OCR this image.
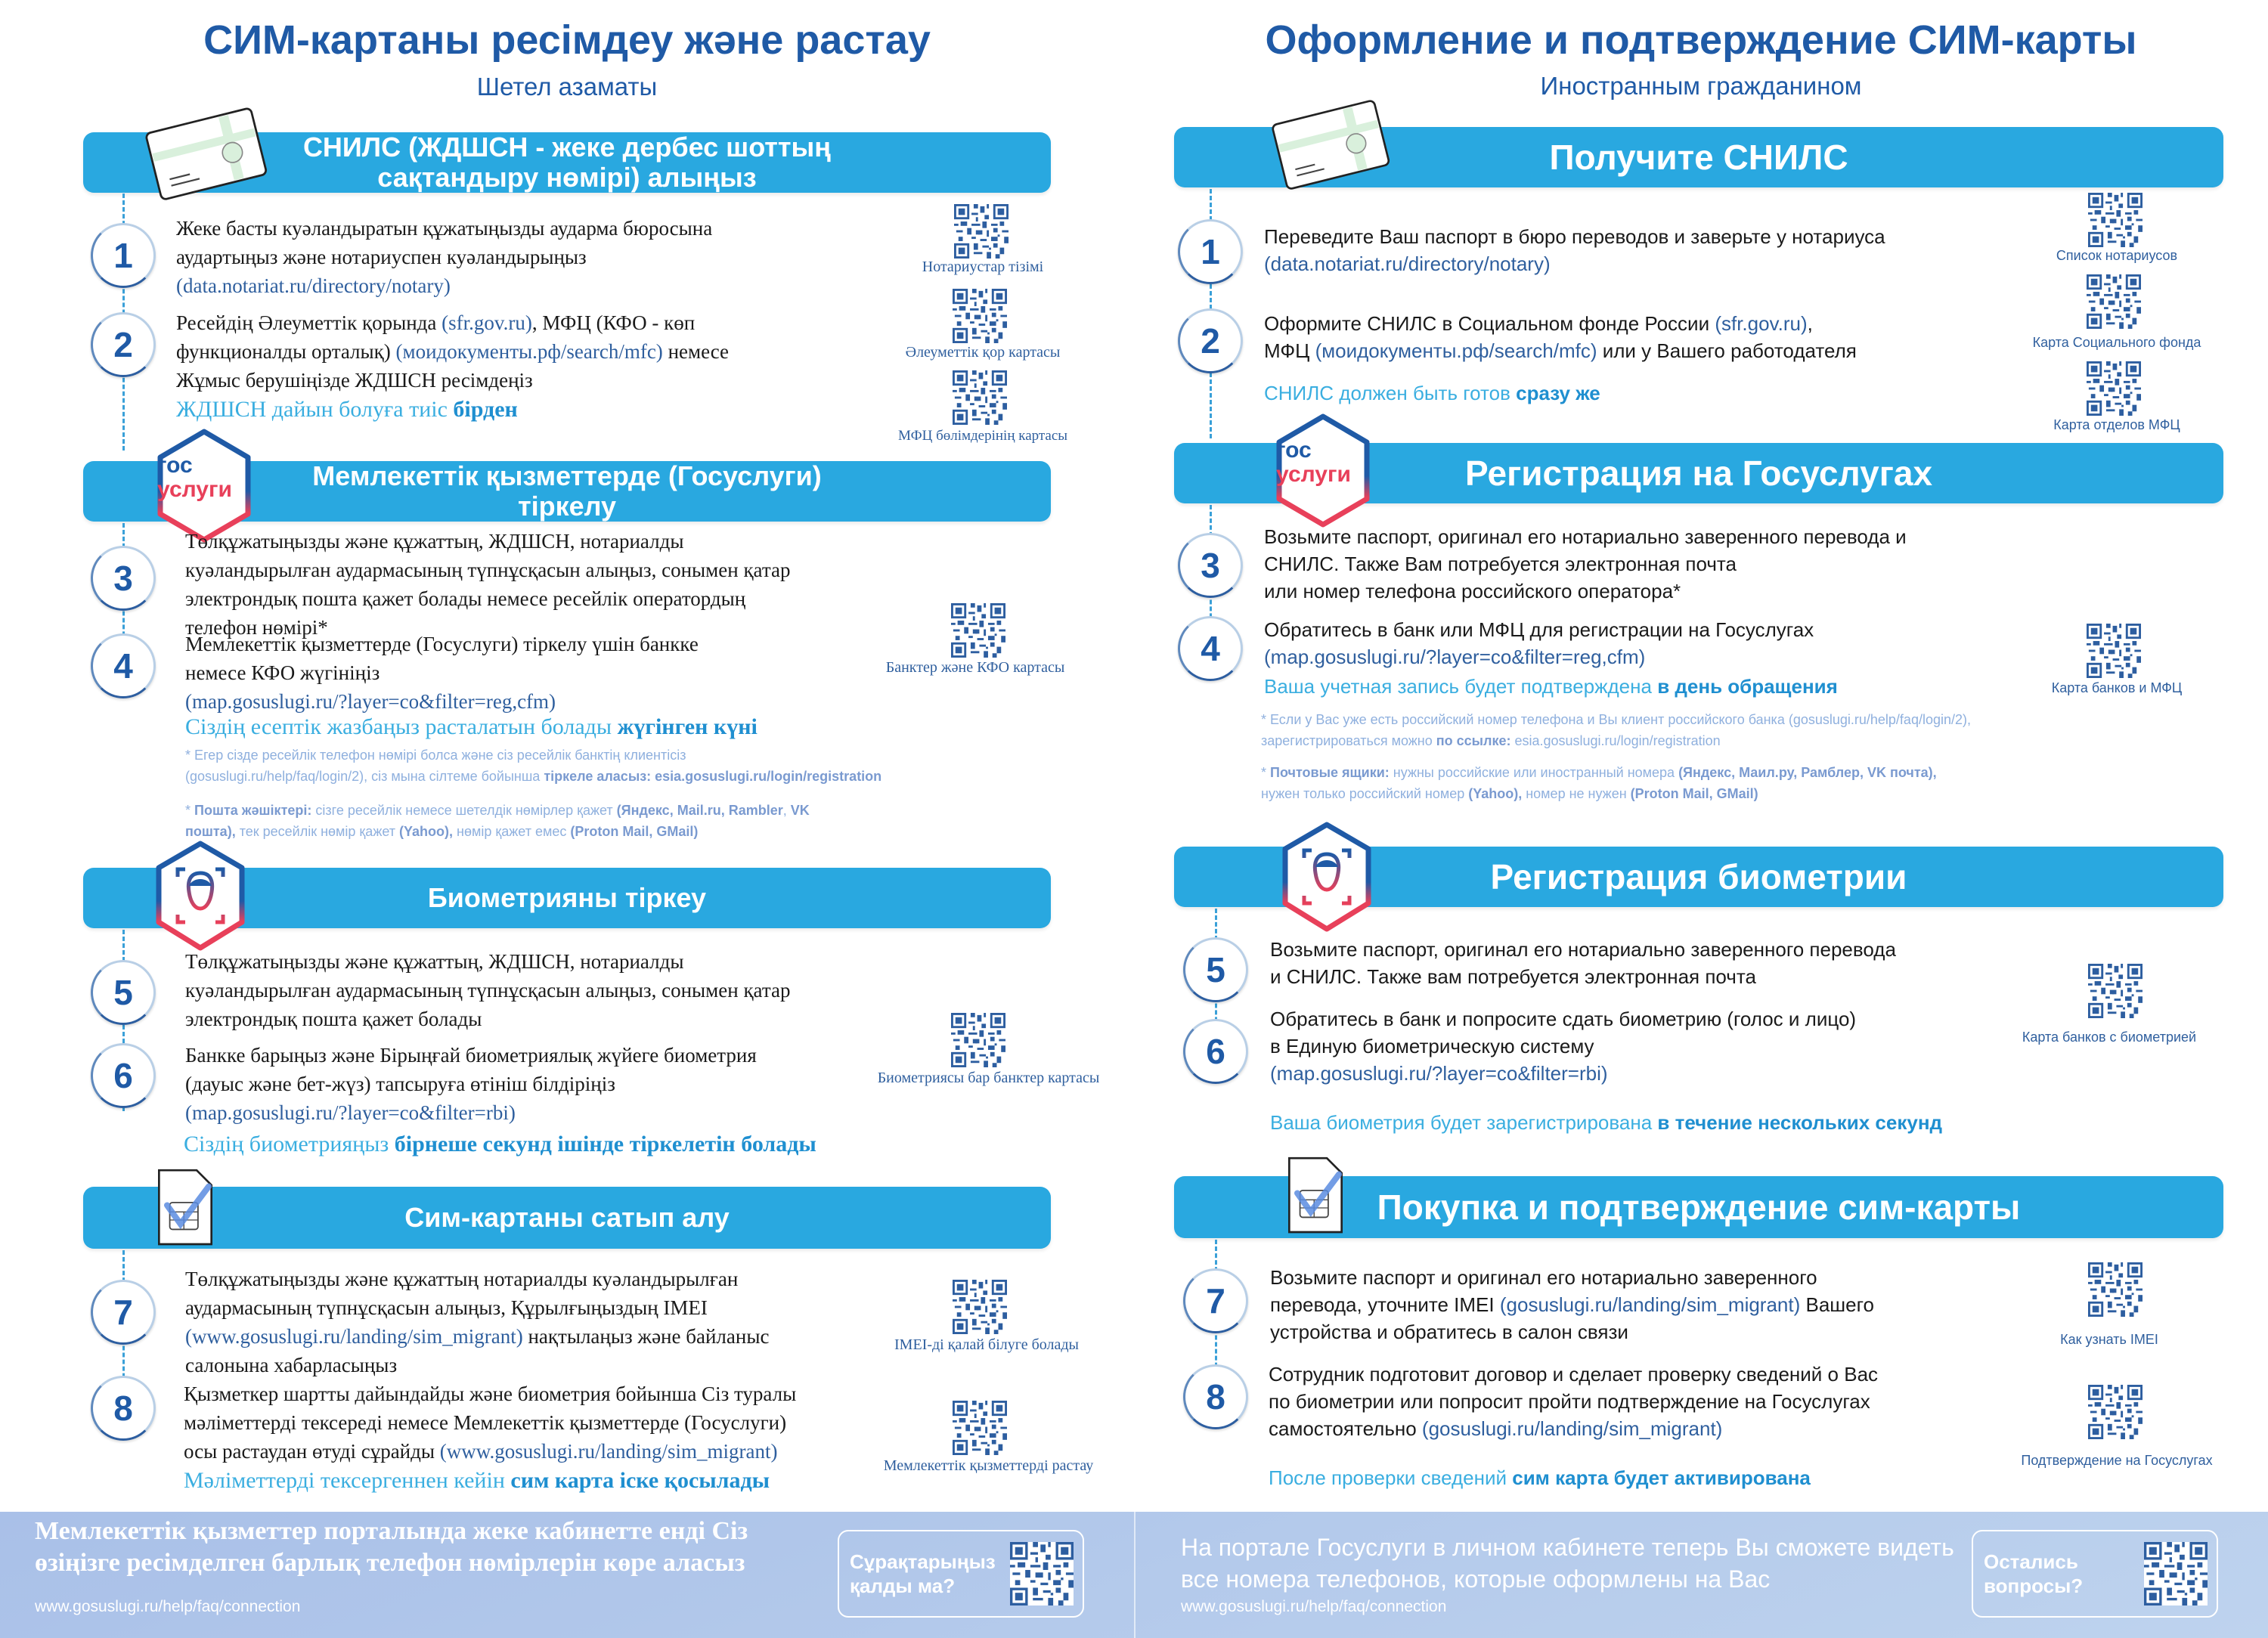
СИМ-картаны ресімдеу және растау
Шетел азаматы
СНИЛС (ЖДШСН - жеке дербес шоттың
сақтандыру нөмірі) алыңыз
1
Жеке басты куәландыратын құжатыңызды аударма бюросына
аудартыңыз және нотариуспен куәландырыңыз
(data.notariat.ru/directory/notary)
2
Ресейдің Әлеуметтік қорында (sfr.gov.ru), МФЦ (КФО - көп
функционалды орталық) (моидокументы.рф/search/mfc) немесе
Жұмыс берушіңізде ЖДШСН ресімдеңіз
ЖДШСН дайын болуға тиіс бірден
Нотариустар тізімі
Әлеуметтік қор картасы
МФЦ бөлімдерінің картасы
Мемлекеттік қызметтерде (Госуслуги)
тіркелу
гос
услуги
3
Төлқұжатыңызды және құжаттың, ЖДШСН, нотариалды
куәландырылған аудармасының түпнұсқасын алыңыз, сонымен қатар
электрондық пошта қажет болады немесе ресейлік оператордың
телефон нөмірі*
4
Мемлекеттік қызметтерде (Госуслуги) тіркелу үшін банкке
немесе КФО жүгініңіз
(map.gosuslugi.ru/?layer=co&filter=reg,cfm)
Сіздің есептік жазбаңыз расталатын болады жүгінген күні
* Егер сізде ресейлік телефон нөмірі болса және сіз ресейлік банктің клиентісіз
(gosuslugi.ru/help/faq/login/2), сіз мына сілтеме бойынша тіркеле аласыз: esia.gosuslugi.ru/login/registration
* Пошта жәшіктері: сізге ресейлік немесе шетелдік нөмірлер қажет (Яндекс, Mail.ru, Rambler, VK
пошта), тек ресейлік нөмір қажет (Yahoo), нөмір қажет емес (Proton Mail, GMail)
Банктер және КФО картасы
Биометрияны тіркеу
5
Төлқұжатыңызды және құжаттың, ЖДШСН, нотариалды
куәландырылған аудармасының түпнұсқасын алыңыз, сонымен қатар
электрондық пошта қажет болады
6
Банкке барыңыз және Бірыңғай биометриялық жүйеге биометрия
(дауыс және бет-жүз) тапсыруға өтініш білдіріңіз
(map.gosuslugi.ru/?layer=co&filter=rbi)
Сіздің биометрияңыз бірнеше секунд ішінде тіркелетін болады
Биометриясы бар банктер картасы
Сим-картаны сатып алу
7
Төлқұжатыңызды және құжаттың нотариалды куәландырылған
аудармасының түпнұсқасын алыңыз, Құрылғыңыздың IMEI
(www.gosuslugi.ru/landing/sim_migrant) нақтылаңыз және байланыс
салонына хабарласыңыз
8	Қызметкер шартты дайындайды және биометрия бойынша Сіз туралы
мәліметтерді тексереді немесе Мемлекеттік қызметтерде (Госуслуги)
осы растаудан өтуді сұрайды (www.gosuslugi.ru/landing/sim_migrant)
Мәліметтерді тексергеннен кейін сим карта іске қосылады
IMEI-ді қалай білуге болады
Мемлекеттік қызметтерді растау
Оформление и подтверждение СИМ-карты
Иностранным гражданином
Получите СНИЛС
1	Переведите Ваш паспорт в бюро переводов и заверьте у нотариуса
(data.notariat.ru/directory/notary)
2	Оформите СНИЛС в Социальном фонде России (sfr.gov.ru),
МФЦ (моидокументы.рф/search/mfc) или у Вашего работодателя
СНИЛС должен быть готов сразу же
Список нотариусов
Карта Социального фонда
Карта отделов МФЦ
Регистрация на Госуслугах
гос
услуги
3
Возьмите паспорт, оригинал его нотариально заверенного перевода и
СНИЛС. Также Вам потребуется электронная почта
или номер телефона российского оператора*
4	Обратитесь в банк или МФЦ для регистрации на Госуслугах
(map.gosuslugi.ru/?layer=co&filter=reg,cfm)
Ваша учетная запись будет подтверждена в день обращения
* Если у Вас уже есть российский номер телефона и Вы клиент российского банка (gosuslugi.ru/help/faq/login/2),
зарегистрироваться можно по ссылке: esia.gosuslugi.ru/login/registration
* Почтовые ящики: нужны российские или иностранный номера (Яндекс, Маил.ру, Рамблер, VK почта),
нужен только российский номер (Yahoo), номер не нужен (Proton Mail, GMail)
Карта банков и МФЦ
Регистрация биометрии
5
Возьмите паспорт, оригинал его нотариально заверенного перевода
и СНИЛС. Также вам потребуется электронная почта
6
Обратитесь в банк и попросите сдать биометрию (голос и лицо)
в Единую биометрическую систему
(map.gosuslugi.ru/?layer=co&filter=rbi)
Ваша биометрия будет зарегистрирована в течение нескольких секунд
Карта банков с биометрией
Покупка и подтверждение сим-карты
7
Возьмите паспорт и оригинал его нотариально заверенного
перевода, уточните IMEI (gosuslugi.ru/landing/sim_migrant) Вашего
устройства и обратитесь в салон связи
8
Сотрудник подготовит договор и сделает проверку сведений о Вас
по биометрии или попросит пройти подтверждение на Госуслугах
самостоятельно (gosuslugi.ru/landing/sim_migrant)
После проверки сведений сим карта будет активирована
Как узнать IMEI
Подтверждение на Госуслугах
Мемлекеттік қызметтер порталында жеке кабинетте енді Сіз
өзіңізге ресімделген барлық телефон нөмірлерін көре аласыз
www.gosuslugi.ru/help/faq/connection
Сұрақтарыңыз
қалды ма?
На портале Госуслуги в личном кабинете теперь Вы сможете видеть
все номера телефонов, которые оформлены на Вас
www.gosuslugi.ru/help/faq/connection
Остались
вопросы?
